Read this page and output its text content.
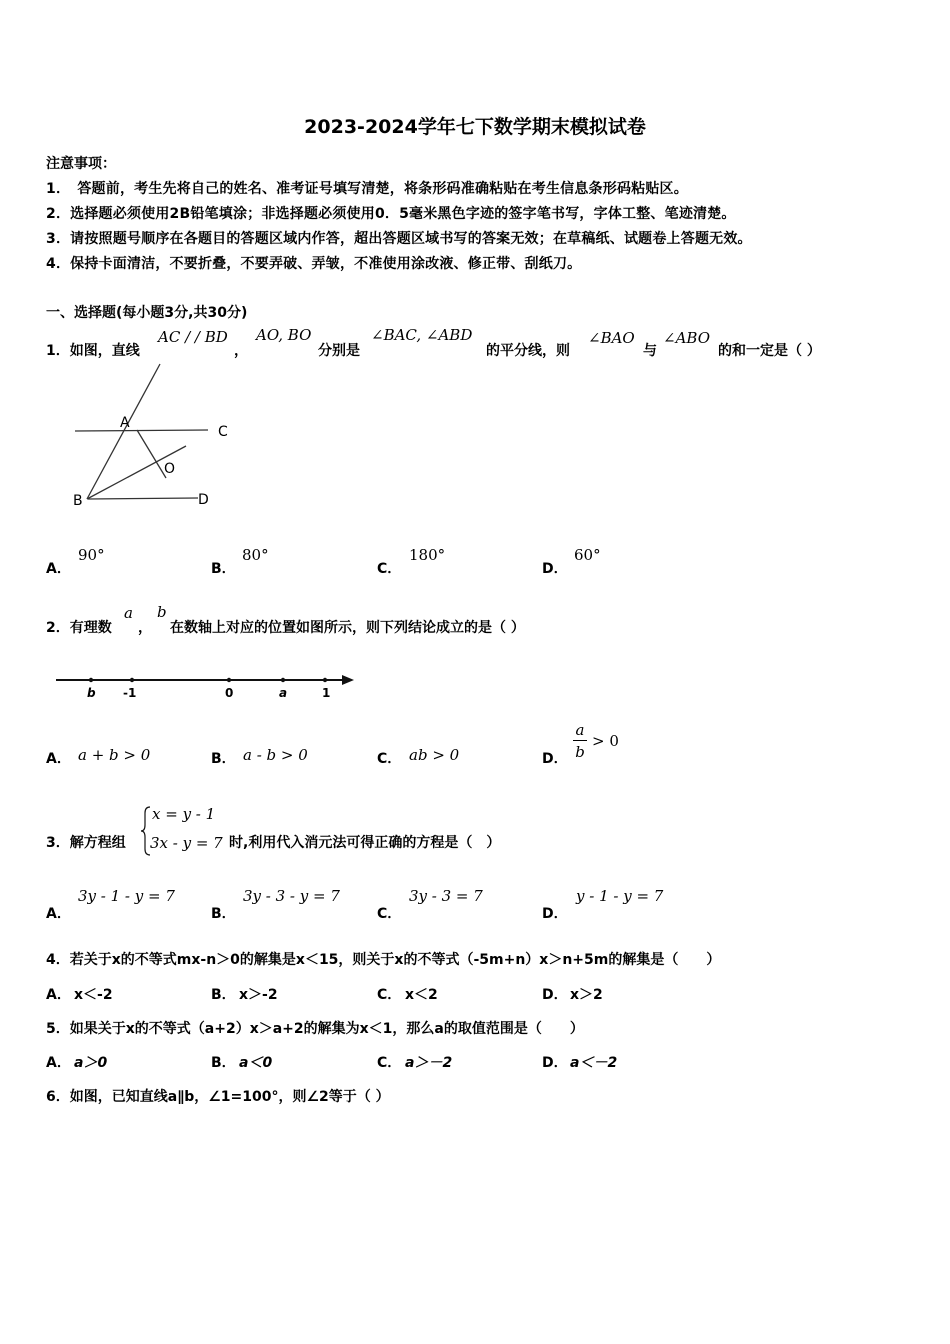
2023-2024学年七下数学期末模拟试卷
注意事项：
1．　答题前，考生先将自己的姓名、准考证号填写清楚，将条形码准确粘贴在考生信息条形码粘贴区。
2．选择题必须使用2B铅笔填涂；非选择题必须使用0．5毫米黑色字迹的签字笔书写，字体工整、笔迹清楚。
3．请按照题号顺序在各题目的答题区域内作答，超出答题区域书写的答案无效；在草稿纸、试题卷上答题无效。
4．保持卡面清洁，不要折叠，不要弄破、弄皱，不准使用涂改液、修正带、刮纸刀。
一、选择题(每小题3分,共30分)
1．如图，直线
AC / / BD
，
AO, BO
分别是
∠BAC, ∠ABD
的平分线，则
∠BAO
与
∠ABO
的和一定是（ ）
A
C
O
B	D
A．
90°
B．
80°
C．
180°
D．
60°
2．有理数
a
，
b
在数轴上对应的位置如图所示，则下列结论成立的是（ ）
b -1	0	a	1
A． a + b > 0	B． a - b > 0	C． ab > 0	D． $\frac{a}{b} > 0$
3．解方程组
x = y - 1
3x - y = 7 时,利用代入消元法可得正确的方程是（　）
A．
3y - 1 - y = 7
B．
3y - 3 - y = 7
C．
3y - 3 = 7
D．
y - 1 - y = 7
4．若关于x的不等式mx-n＞0的解集是x＜15，则关于x的不等式（-5m+n）x＞n+5m的解集是（　　）
A． x＜-2	B． x＞-2	C． x＜2	D． x＞2
5．如果关于x的不等式（a+2）x＞a+2的解集为x＜1，那么a的取值范围是（　　）
A． a＞0	B． a＜0	C． a＞－2	D． a＜－2
6．如图，已知直线a∥b，∠1=100°，则∠2等于（ ）
